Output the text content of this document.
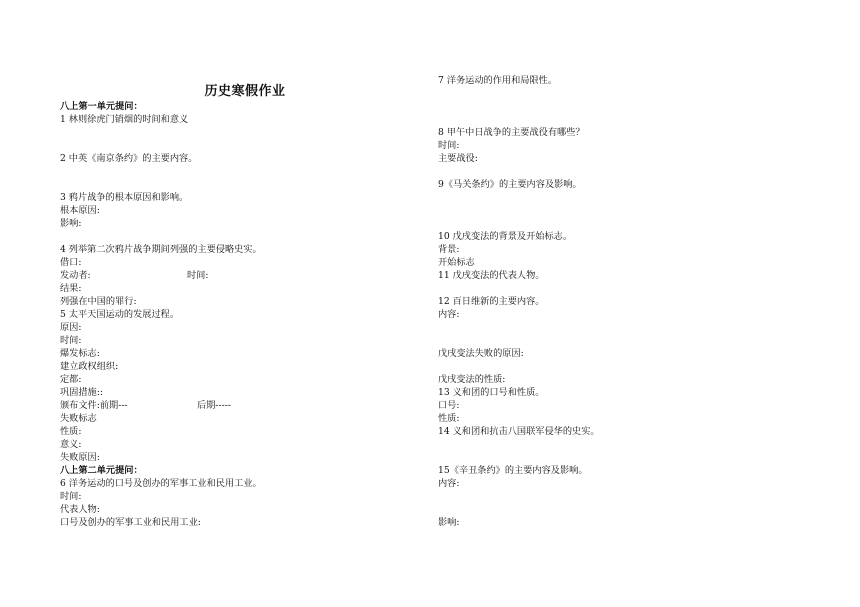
历史寒假作业
八上第一单元提问：
1 林则徐虎门销烟的时间和意义
2 中英《南京条约》的主要内容。
3 鸦片战争的根本原因和影响。
根本原因:
影响:
4 列举第二次鸦片战争期间列强的主要侵略史实。
借口:
发动者:	时间:
结果:
列强在中国的罪行:
5 太平天国运动的发展过程。
原因:
时间:
爆发标志:
建立政权组织:
定都:
巩固措施::
颁布文件:前期---	后期-----
失败标志
性质:
意义:
失败原因:
八上第二单元提问：
6 洋务运动的口号及创办的军事工业和民用工业。
时间:
代表人物:
口号及创办的军事工业和民用工业:
7 洋务运动的作用和局限性。
8 甲午中日战争的主要战役有哪些？
时间:
主要战役:
9《马关条约》的主要内容及影响。
10 戊戌变法的背景及开始标志。
背景:
开始标志
11 戊戌变法的代表人物。
12 百日维新的主要内容。
内容:
戊戌变法失败的原因:
戊戌变法的性质:
13 义和团的口号和性质。
口号:
性质:
14 义和团和抗击八国联军侵华的史实。
15《辛丑条约》的主要内容及影响。
内容:
影响:
